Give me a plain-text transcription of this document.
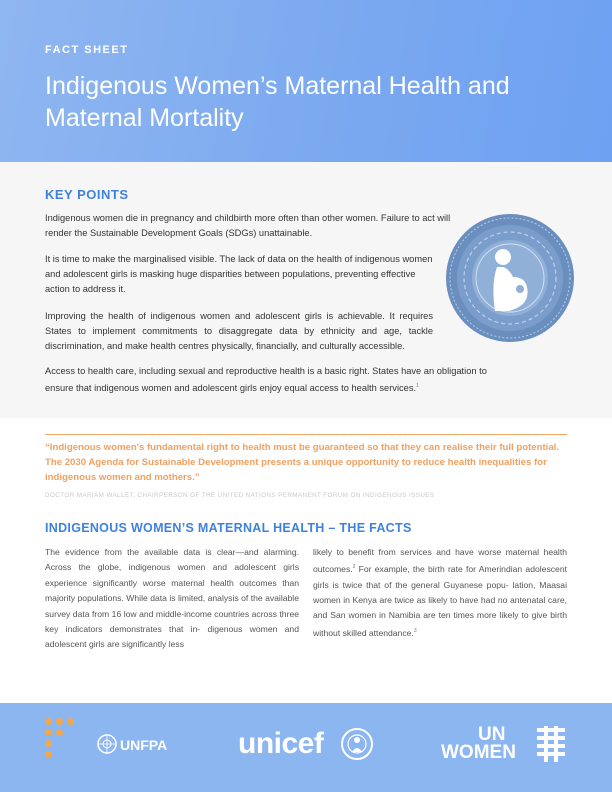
FACT SHEET
Indigenous Women’s Maternal Health and Maternal Mortality
KEY POINTS

Indigenous women die in pregnancy and childbirth more often than other women. Failure to act will render the Sustainable Development Goals (SDGs) unattainable.

It is time to make the marginalised visible. The lack of data on the health of indigenous women and adolescent girls is masking huge disparities between populations, preventing effective action to address it.

Improving the health of indigenous women and adolescent girls is achievable. It requires States to implement commitments to disaggregate data by ethnicity and age, tackle discrimination, and make health centres physically, financially, and culturally accessible.

Access to health care, including sexual and reproductive health is a basic right. States have an obligation to ensure that indigenous women and adolescent girls enjoy equal access to health services.$^1$

“Indigenous women's fundamental right to health must be guaranteed so that they can realise their full potential. The 2030 Agenda for Sustainable Development presents a unique opportunity to reduce health inequalities for indigenous women and mothers.”

DOCTOR MARIAM WALLET, CHAIRPERSON OF THE UNITED NATIONS PERMANENT FORUM ON INDIGENOUS ISSUES
INDIGENOUS WOMEN’S MATERNAL HEALTH – THE FACTS

The evidence from the available data is clear—and alarming. Across the globe, indigenous women and adolescent girls experience significantly worse maternal health outcomes than majority populations. While data is limited, analysis of the available survey data from 16 low and middle-income countries across three key indicators demonstrates that in- digenous women and adolescent girls are significantly less

likely to benefit from services and have worse maternal health outcomes.$^2$ For example, the birth rate for Amerindian adolescent girls is twice that of the general Guyanese popu- lation, Maasai women in Kenya are twice as likely to have had no antenatal care, and San women in Namibia are ten times more likely to give birth without skilled attendance.$^3$

UNFPA unicef	UN
WOMEN
